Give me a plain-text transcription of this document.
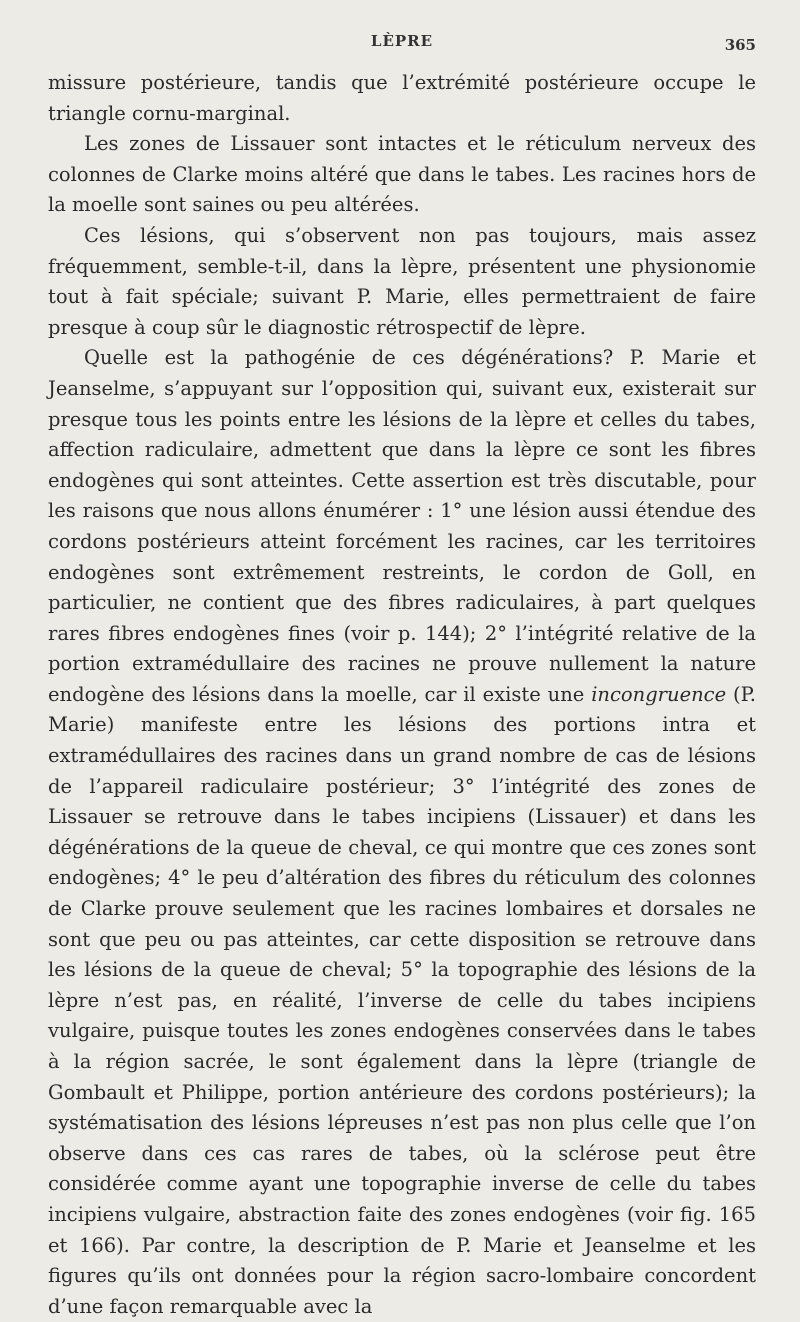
LÈPRE	365

missure postérieure, tandis que l’extrémité postérieure occupe le triangle cornu-marginal.

Les zones de Lissauer sont intactes et le réticulum nerveux des colonnes de Clarke moins altéré que dans le tabes. Les racines hors de la moelle sont saines ou peu altérées.

Ces lésions, qui s’observent non pas toujours, mais assez fréquemment, semble-t-il, dans la lèpre, présentent une physionomie tout à fait spéciale; suivant P. Marie, elles permettraient de faire presque à coup sûr le diagnostic rétrospectif de lèpre.

Quelle est la pathogénie de ces dégénérations? P. Marie et Jeanselme, s’appuyant sur l’opposition qui, suivant eux, existerait sur presque tous les points entre les lésions de la lèpre et celles du tabes, affection radiculaire, admettent que dans la lèpre ce sont les fibres endogènes qui sont atteintes. Cette assertion est très discutable, pour les raisons que nous allons énumérer : 1° une lésion aussi étendue des cordons postérieurs atteint forcément les racines, car les territoires endogènes sont extrêmement restreints, le cordon de Goll, en particulier, ne contient que des fibres radiculaires, à part quelques rares fibres endogènes fines (voir p. 144); 2° l’intégrité relative de la portion extramédullaire des racines ne prouve nullement la nature endogène des lésions dans la moelle, car il existe une incongruence (P. Marie) manifeste entre les lésions des portions intra et extramédullaires des racines dans un grand nombre de cas de lésions de l’appareil radiculaire postérieur; 3° l’intégrité des zones de Lissauer se retrouve dans le tabes incipiens (Lissauer) et dans les dégénérations de la queue de cheval, ce qui montre que ces zones sont endogènes; 4° le peu d’altération des fibres du réticulum des colonnes de Clarke prouve seulement que les racines lombaires et dorsales ne sont que peu ou pas atteintes, car cette disposition se retrouve dans les lésions de la queue de cheval; 5° la topographie des lésions de la lèpre n’est pas, en réalité, l’inverse de celle du tabes incipiens vulgaire, puisque toutes les zones endogènes conservées dans le tabes à la région sacrée, le sont également dans la lèpre (triangle de Gombault et Philippe, portion antérieure des cordons postérieurs); la systématisation des lésions lépreuses n’est pas non plus celle que l’on observe dans ces cas rares de tabes, où la sclérose peut être considérée comme ayant une topographie inverse de celle du tabes incipiens vulgaire, abstraction faite des zones endogènes (voir fig. 165 et 166). Par contre, la description de P. Marie et Jeanselme et les figures qu’ils ont données pour la région sacro-lombaire concordent d’une façon remarquable avec la
